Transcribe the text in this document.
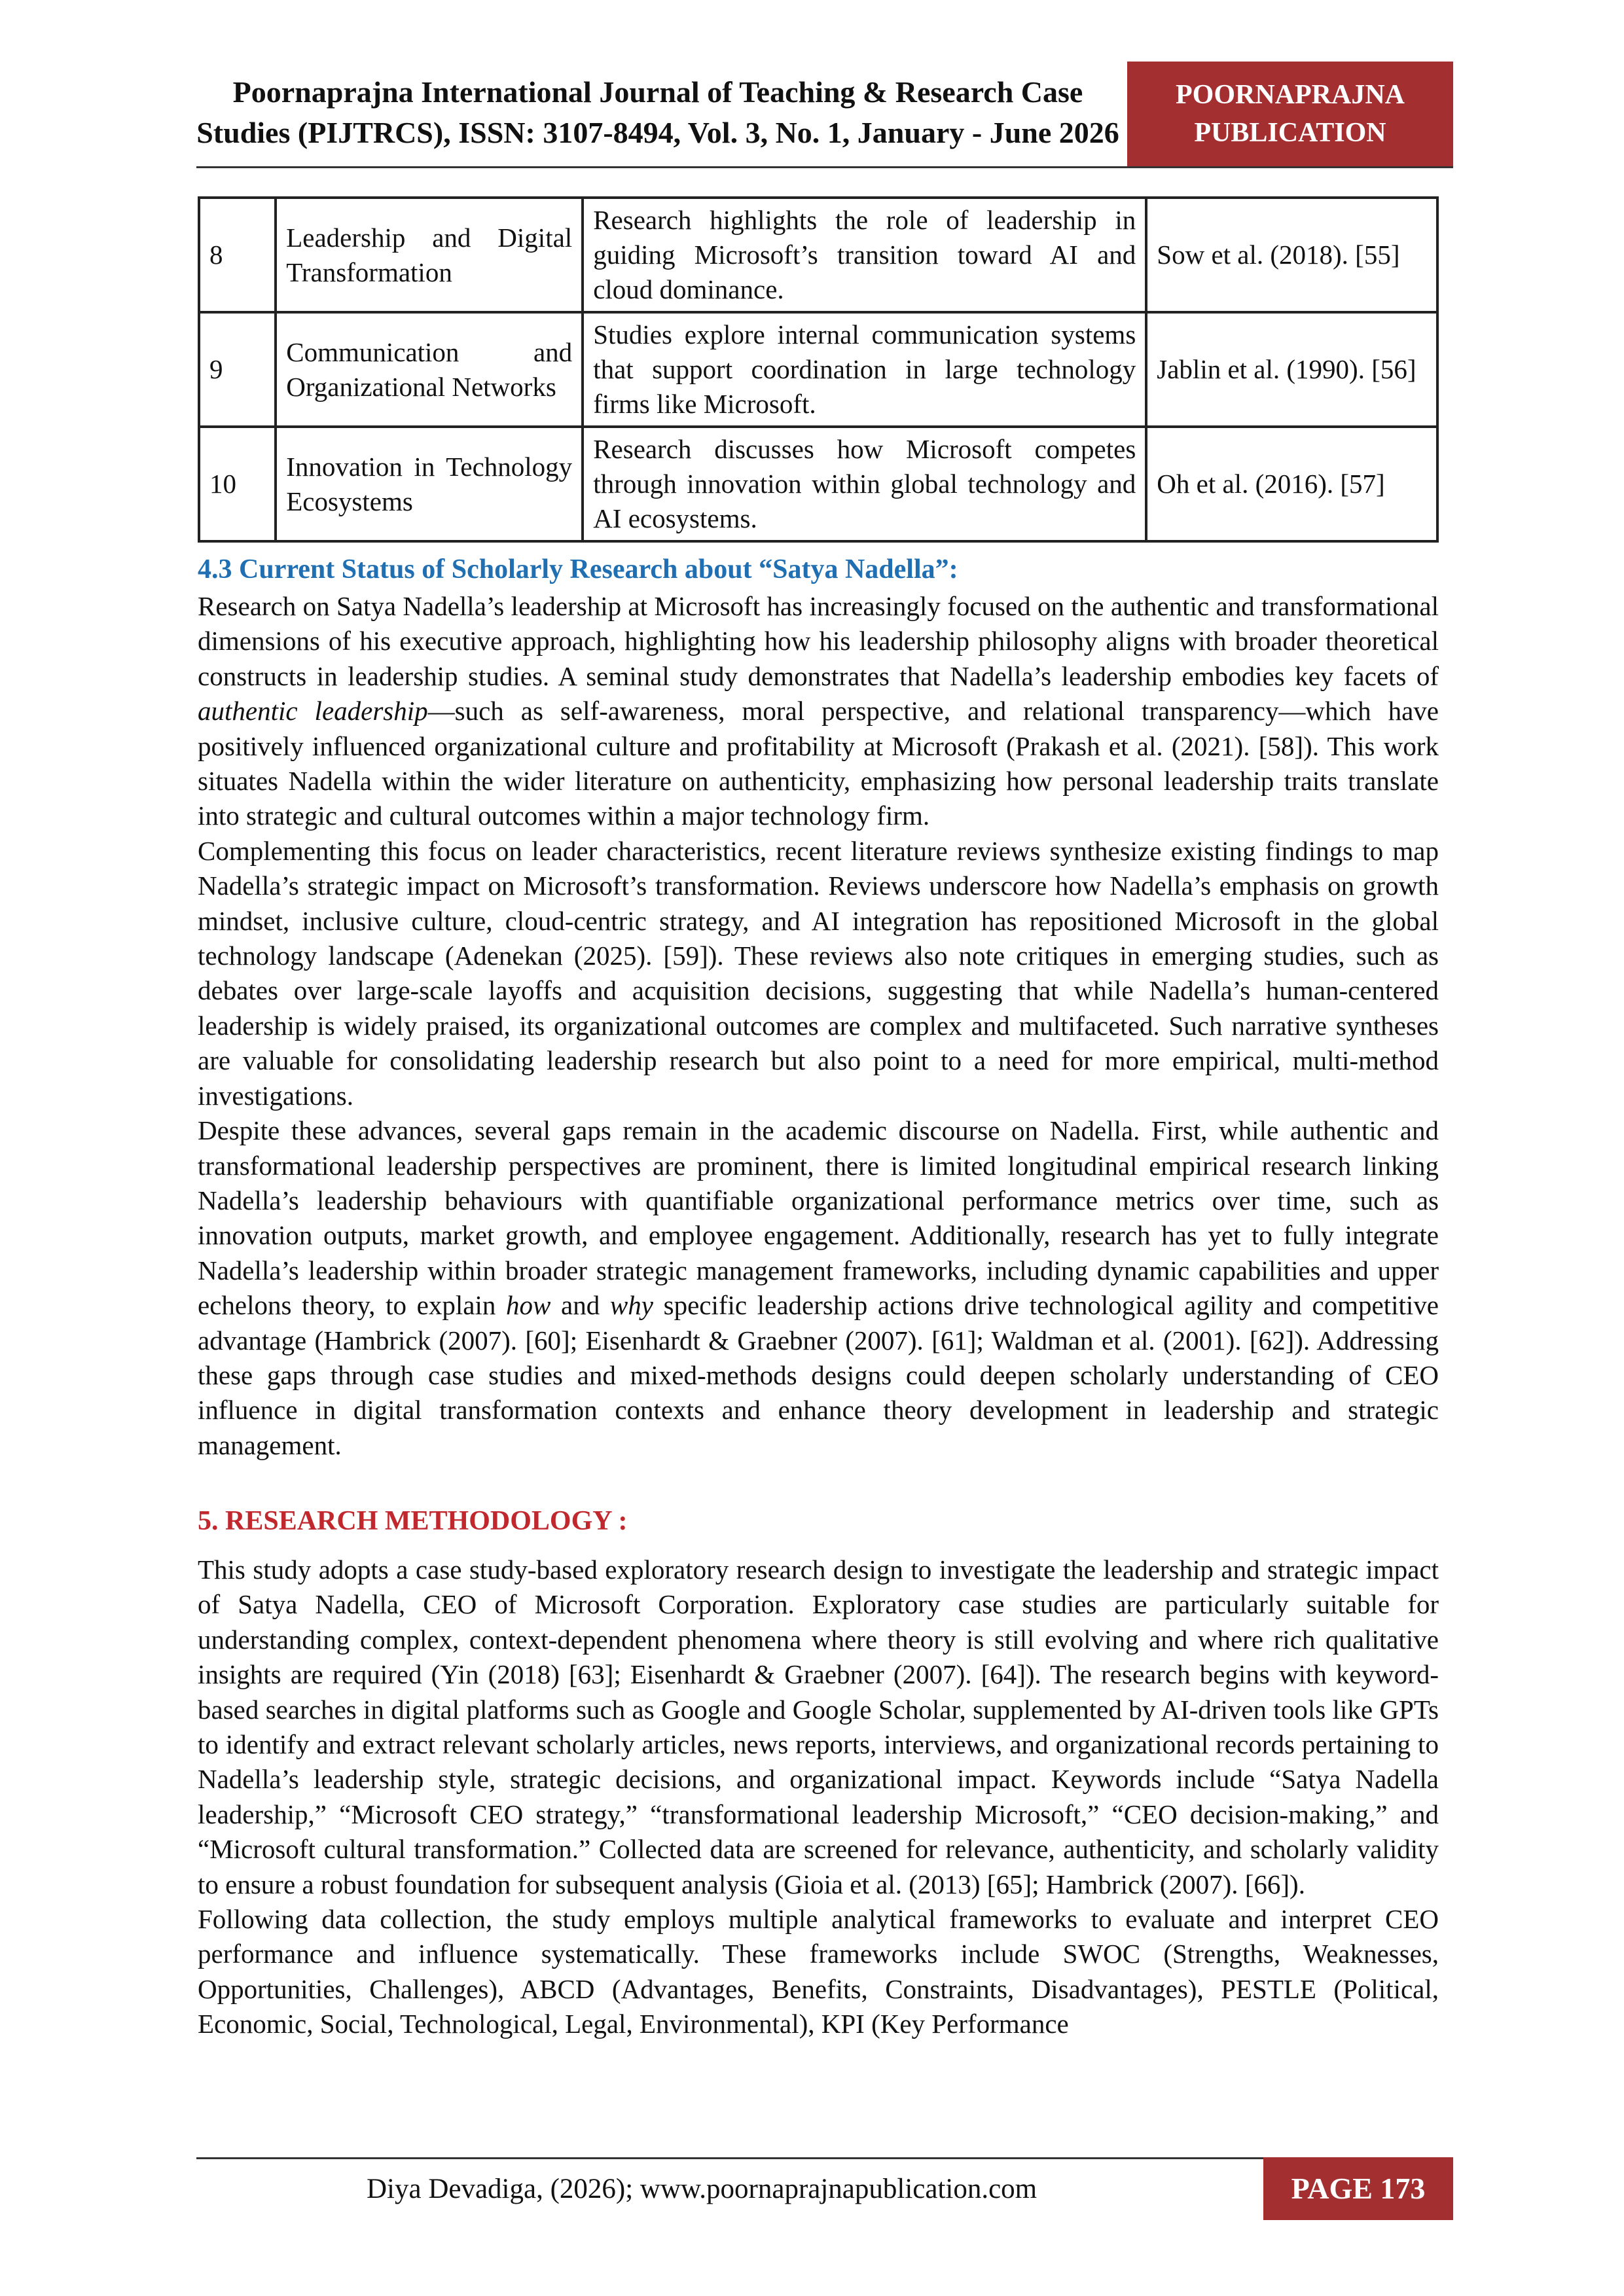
Poornaprajna International Journal of Teaching & Research Case
Studies (PIJTRCS), ISSN: 3107-8494, Vol. 3, No. 1, January - June 2026
POORNAPRAJNA
PUBLICATION
8	Leadership and Digital Transformation	Research highlights the role of leadership in guiding Microsoft’s transition toward AI and cloud dominance.	Sow et al. (2018). [55]
9	Communication and Organizational Networks	Studies explore internal communication systems that support coordination in large technology firms like Microsoft.	Jablin et al. (1990). [56]
10	Innovation in Technology Ecosystems	Research discusses how Microsoft competes through innovation within global technology and AI ecosystems.	Oh et al. (2016). [57]
4.3 Current Status of Scholarly Research about “Satya Nadella”:

Research on Satya Nadella’s leadership at Microsoft has increasingly focused on the authentic and transformational dimensions of his executive approach, highlighting how his leadership philosophy aligns with broader theoretical constructs in leadership studies. A seminal study demonstrates that Nadella’s leadership embodies key facets of authentic leadership—such as self-awareness, moral perspective, and relational transparency—which have positively influenced organizational culture and profitability at Microsoft (Prakash et al. (2021). [58]). This work situates Nadella within the wider literature on authenticity, emphasizing how personal leadership traits translate into strategic and cultural outcomes within a major technology firm.

Complementing this focus on leader characteristics, recent literature reviews synthesize existing findings to map Nadella’s strategic impact on Microsoft’s transformation. Reviews underscore how Nadella’s emphasis on growth mindset, inclusive culture, cloud-centric strategy, and AI integration has repositioned Microsoft in the global technology landscape (Adenekan (2025). [59]). These reviews also note critiques in emerging studies, such as debates over large-scale layoffs and acquisition decisions, suggesting that while Nadella’s human-centered leadership is widely praised, its organizational outcomes are complex and multifaceted. Such narrative syntheses are valuable for consolidating leadership research but also point to a need for more empirical, multi-method investigations.

Despite these advances, several gaps remain in the academic discourse on Nadella. First, while authentic and transformational leadership perspectives are prominent, there is limited longitudinal empirical research linking Nadella’s leadership behaviours with quantifiable organizational performance metrics over time, such as innovation outputs, market growth, and employee engagement. Additionally, research has yet to fully integrate Nadella’s leadership within broader strategic management frameworks, including dynamic capabilities and upper echelons theory, to explain how and why specific leadership actions drive technological agility and competitive advantage (Hambrick (2007). [60]; Eisenhardt & Graebner (2007). [61]; Waldman et al. (2001). [62]). Addressing these gaps through case studies and mixed-methods designs could deepen scholarly understanding of CEO influence in digital transformation contexts and enhance theory development in leadership and strategic management.

5. RESEARCH METHODOLOGY :

This study adopts a case study-based exploratory research design to investigate the leadership and strategic impact of Satya Nadella, CEO of Microsoft Corporation. Exploratory case studies are particularly suitable for understanding complex, context-dependent phenomena where theory is still evolving and where rich qualitative insights are required (Yin (2018) [63]; Eisenhardt & Graebner (2007). [64]). The research begins with keyword-based searches in digital platforms such as Google and Google Scholar, supplemented by AI-driven tools like GPTs to identify and extract relevant scholarly articles, news reports, interviews, and organizational records pertaining to Nadella’s leadership style, strategic decisions, and organizational impact. Keywords include “Satya Nadella leadership,” “Microsoft CEO strategy,” “transformational leadership Microsoft,” “CEO decision-making,” and “Microsoft cultural transformation.” Collected data are screened for relevance, authenticity, and scholarly validity to ensure a robust foundation for subsequent analysis (Gioia et al. (2013) [65]; Hambrick (2007). [66]).

Following data collection, the study employs multiple analytical frameworks to evaluate and interpret CEO performance and influence systematically. These frameworks include SWOC (Strengths, Weaknesses, Opportunities, Challenges), ABCD (Advantages, Benefits, Constraints, Disadvantages), PESTLE (Political, Economic, Social, Technological, Legal, Environmental), KPI (Key Performance

Diya Devadiga, (2026); www.poornaprajnapublication.com	PAGE 173
